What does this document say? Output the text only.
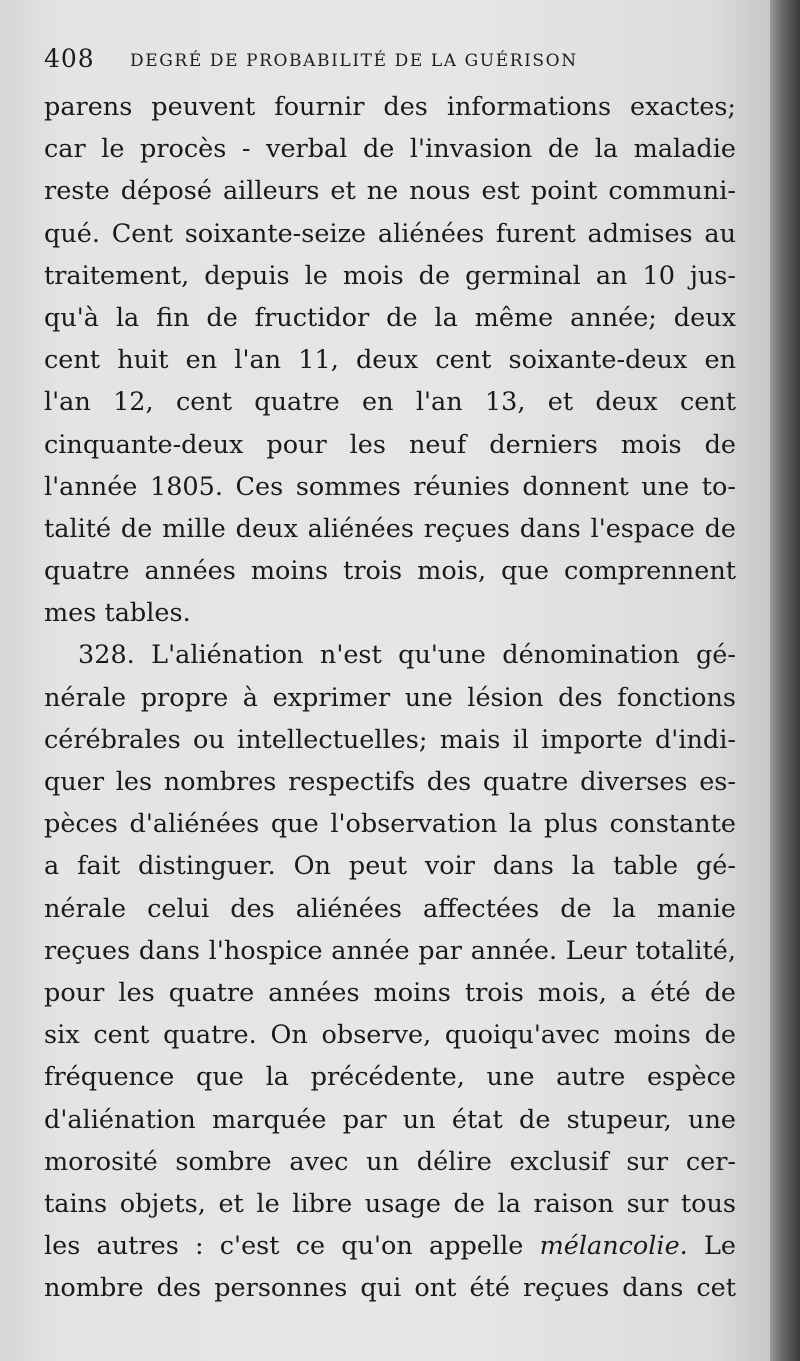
408 DEGRÉ DE PROBABILITÉ DE LA GUÉRISON
parens peuvent fournir des informations exactes;
car le procès - verbal de l'invasion de la maladie
reste déposé ailleurs et ne nous est point communi-
qué. Cent soixante-seize aliénées furent admises au
traitement, depuis le mois de germinal an 10 jus-
qu'à la fin de fructidor de la même année; deux
cent huit en l'an 11, deux cent soixante-deux en
l'an 12, cent quatre en l'an 13, et deux cent
cinquante-deux pour les neuf derniers mois de
l'année 1805. Ces sommes réunies donnent une to-
talité de mille deux aliénées reçues dans l'espace de
quatre années moins trois mois, que comprennent
mes tables.
328. L'aliénation n'est qu'une dénomination gé-
nérale propre à exprimer une lésion des fonctions
cérébrales ou intellectuelles; mais il importe d'indi-
quer les nombres respectifs des quatre diverses es-
pèces d'aliénées que l'observation la plus constante
a fait distinguer. On peut voir dans la table gé-
nérale celui des aliénées affectées de la manie
reçues dans l'hospice année par année. Leur totalité,
pour les quatre années moins trois mois, a été de
six cent quatre. On observe, quoiqu'avec moins de
fréquence que la précédente, une autre espèce
d'aliénation marquée par un état de stupeur, une
morosité sombre avec un délire exclusif sur cer-
tains objets, et le libre usage de la raison sur tous
les autres : c'est ce qu'on appelle mélancolie. Le
nombre des personnes qui ont été reçues dans cet
